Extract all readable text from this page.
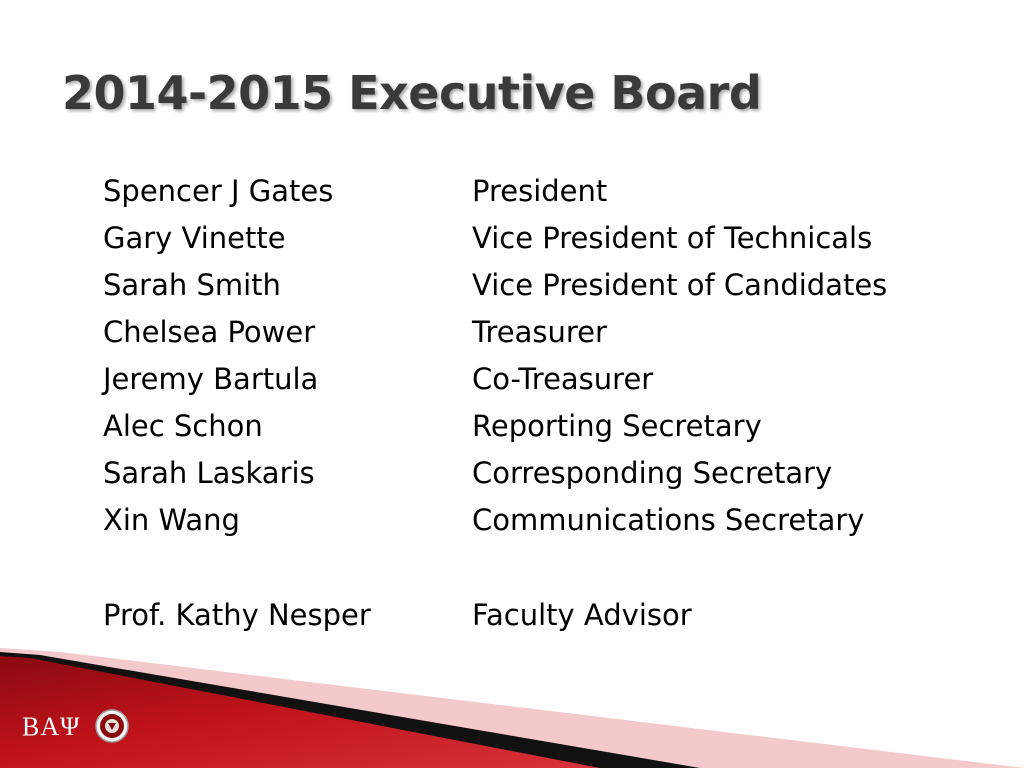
2014-2015 Executive Board
Spencer J Gates	President
Gary Vinette	Vice President of Technicals
Sarah Smith	Vice President of Candidates
Chelsea Power	Treasurer
Jeremy Bartula	Co-Treasurer
Alec Schon	Reporting Secretary
Sarah Laskaris	Corresponding Secretary
Xin Wang	Communications Secretary
Prof. Kathy Nesper	Faculty Advisor
ΒΑΨ
